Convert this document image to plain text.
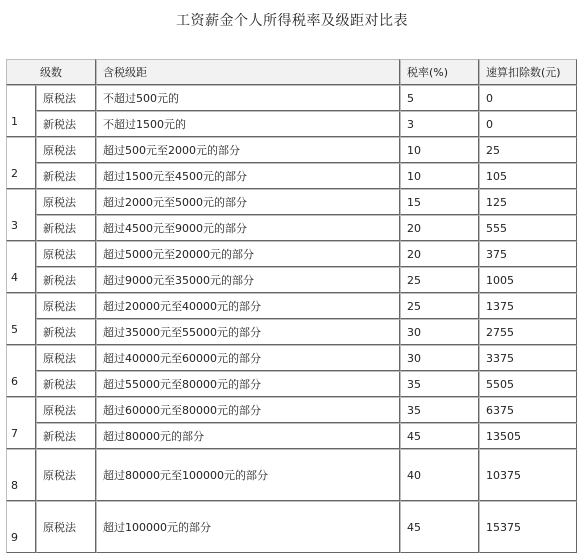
工资薪金个人所得税率及级距对比表
级数		含税级距	税率(%)	速算扣除数(元)
1	原税法	不超过500元的	5	0
	新税法	不超过1500元的	3	0
2	原税法	超过500元至2000元的部分	10	25
	新税法	超过1500元至4500元的部分	10	105
3	原税法	超过2000元至5000元的部分	15	125
	新税法	超过4500元至9000元的部分	20	555
4	原税法	超过5000元至20000元的部分	20	375
	新税法	超过9000元至35000元的部分	25	1005
5	原税法	超过20000元至40000元的部分	25	1375
	新税法	超过35000元至55000元的部分	30	2755
6	原税法	超过40000元至60000元的部分	30	3375
	新税法	超过55000元至80000元的部分	35	5505
7	原税法	超过60000元至80000元的部分	35	6375
	新税法	超过80000元的部分	45	13505
8	原税法	超过80000元至100000元的部分	40	10375
9	原税法	超过100000元的部分	45	15375
